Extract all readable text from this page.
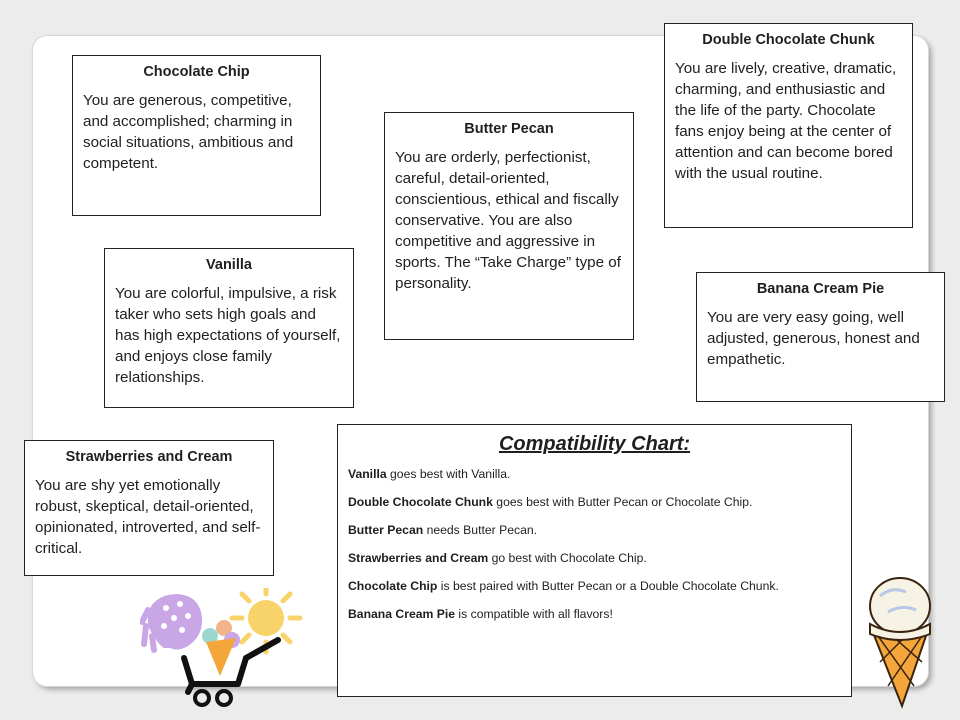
Chocolate Chip

You are generous, competitive, and accomplished; charming in social situations, ambitious and competent.

Butter Pecan

You are orderly, perfectionist, careful, detail-oriented, conscientious, ethical and fiscally conservative. You are also competitive and aggressive in sports. The “Take Charge” type of personality.

Double Chocolate Chunk

You are lively, creative, dramatic, charming, and enthusiastic and the life of the party. Chocolate fans enjoy being at the center of attention and can become bored with the usual routine.

Vanilla

You are colorful, impulsive, a risk taker who sets high goals and has high expectations of yourself, and enjoys close family relationships.

Banana Cream Pie

You are very easy going, well adjusted, generous, honest and empathetic.

Strawberries and Cream

You are shy yet emotionally robust, skeptical, detail-oriented, opinionated, introverted, and self-critical.

Compatibility Chart:
Vanilla goes best with Vanilla.
Double Chocolate Chunk goes best with Butter Pecan or Chocolate Chip.
Butter Pecan needs Butter Pecan.
Strawberries and Cream go best with Chocolate Chip.
Chocolate Chip is best paired with Butter Pecan or a Double Chocolate Chunk.
Banana Cream Pie is compatible with all flavors!
